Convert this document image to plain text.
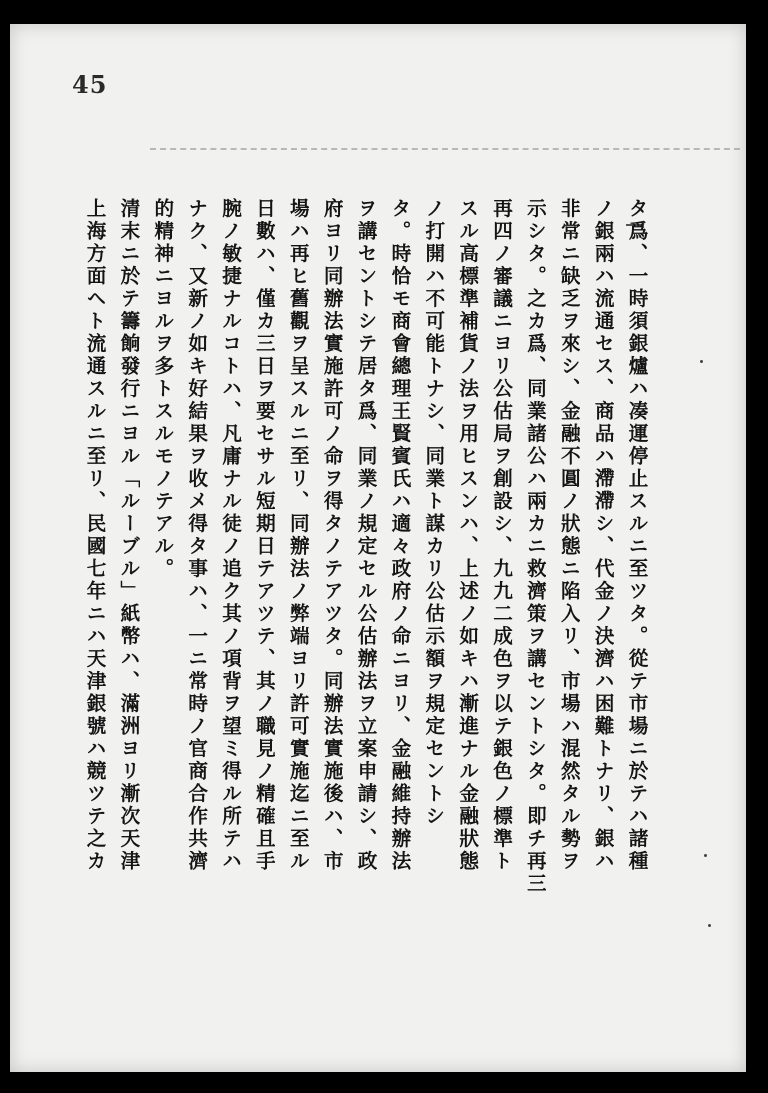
45
タ爲、一時須銀爐ハ凑運停止スルニ至ツタ。從テ市場ニ於テハ諸種
ノ銀兩ハ流通セス、商品ハ滯滯シ、代金ノ決濟ハ困難トナリ、銀ハ
非常ニ缺乏ヲ來シ、金融不圓ノ狀態ニ陷入リ、市場ハ混然タル勢ヲ
示シタ。之カ爲、同業諸公ハ兩カニ救濟策ヲ講セントシタ。即チ再三
再四ノ審議ニヨリ公估局ヲ創設シ、九九二成色ヲ以テ銀色ノ標準ト
スル高標準補貨ノ法ヲ用ヒスンハ、上述ノ如キハ漸進ナル金融狀態
ノ打開ハ不可能トナシ、同業ト謀カリ公估示額ヲ規定セントシ
タ。時恰モ商會總理王賢賓氏ハ適々政府ノ命ニヨリ、金融維持辦法
ヲ講セントシテ居タ爲、同業ノ規定セル公估辦法ヲ立案申請シ、政
府ヨリ同辦法實施許可ノ命ヲ得タノテアツタ。同辦法實施後ハ、市
場ハ再ヒ舊觀ヲ呈スルニ至リ、同辦法ノ弊端ヨリ許可實施迄ニ至ル
日數ハ、僅カ三日ヲ要セサル短期日テアツテ、其ノ職見ノ精確且手
腕ノ敏捷ナルコトハ、凡庸ナル徒ノ追ク其ノ項背ヲ望ミ得ル所テハ
ナク、又新ノ如キ好結果ヲ收メ得タ事ハ、一ニ常時ノ官商合作共濟
的精神ニヨルヲ多トスルモノテアル。
清末ニ於テ籌餉發行ニヨル「ルーブル」紙幣ハ、滿洲ヨリ漸次天津
上海方面ヘト流通スルニ至リ、民國七年ニハ天津銀號ハ競ツテ之カ
